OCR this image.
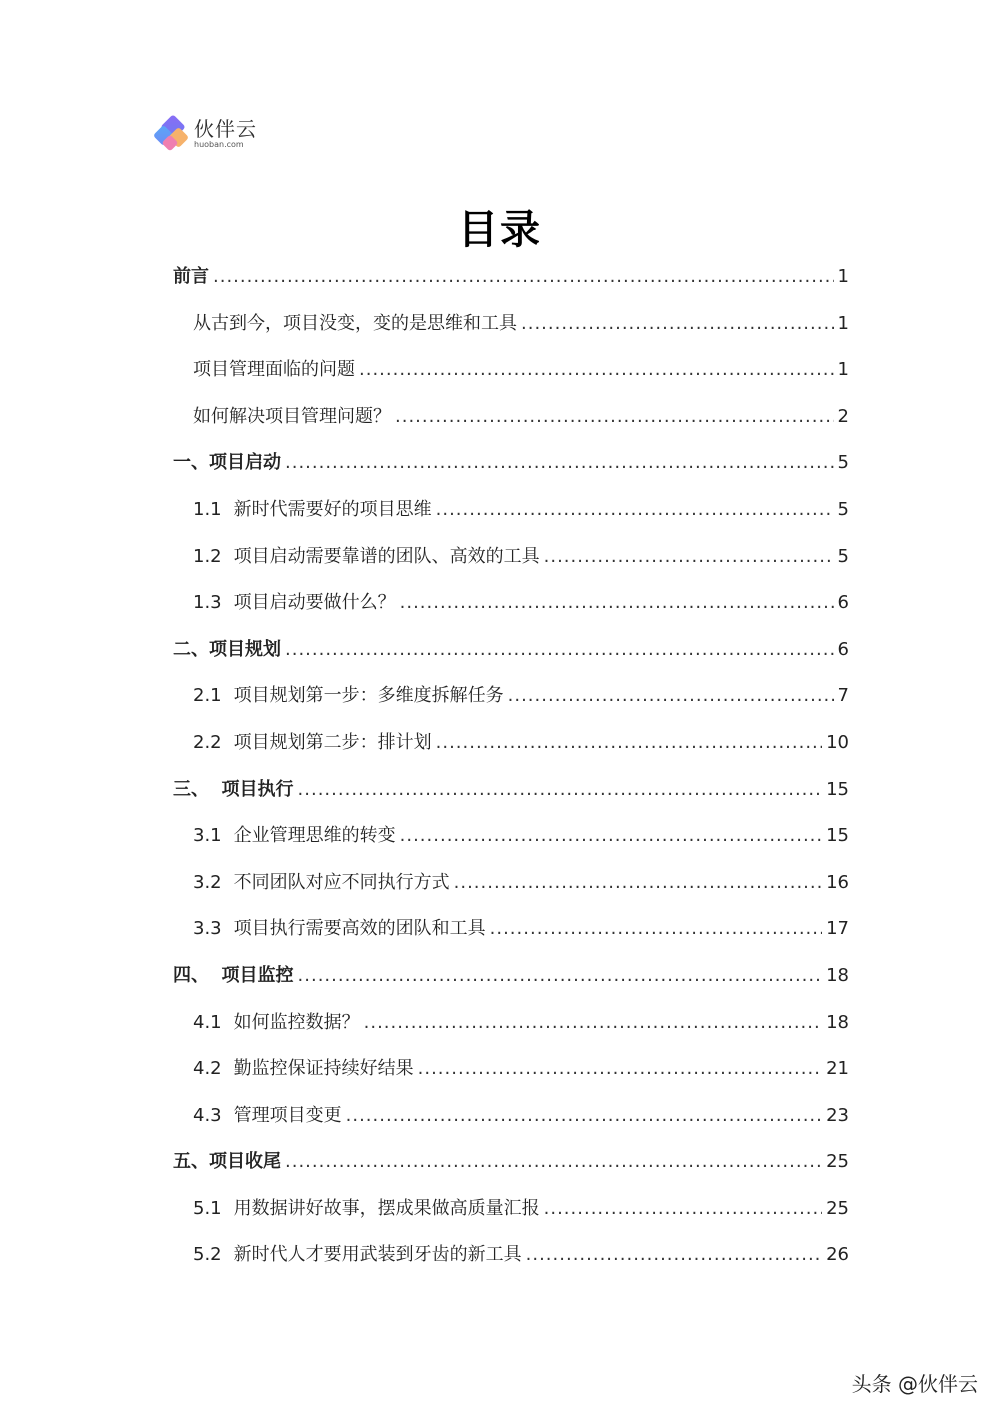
伙伴云
huoban.com
目录
前言 .....	1
从古到今，项目没变，变的是思维和工具 .....	1
项目管理面临的问题 .....	1
如何解决项目管理问题？ .....	2
一、项目启动 .....	5
1.1 新时代需要好的项目思维 .....	5
1.2 项目启动需要靠谱的团队、高效的工具 .....	5
1.3 项目启动要做什么？ .....	6
二、项目规划 .....	6
2.1 项目规划第一步：多维度拆解任务 .....	7
2.2 项目规划第二步：排计划 .....	10
三、  项目执行 .....	15
3.1 企业管理思维的转变 .....	15
3.2 不同团队对应不同执行方式 .....	16
3.3 项目执行需要高效的团队和工具 .....	17
四、  项目监控 .....	18
4.1 如何监控数据？ .....	18
4.2 勤监控保证持续好结果 .....	21
4.3 管理项目变更 .....	23
五、项目收尾 .....	25
5.1 用数据讲好故事，摆成果做高质量汇报 .....	25
5.2 新时代人才要用武装到牙齿的新工具 .....	26
头条 @伙伴云
